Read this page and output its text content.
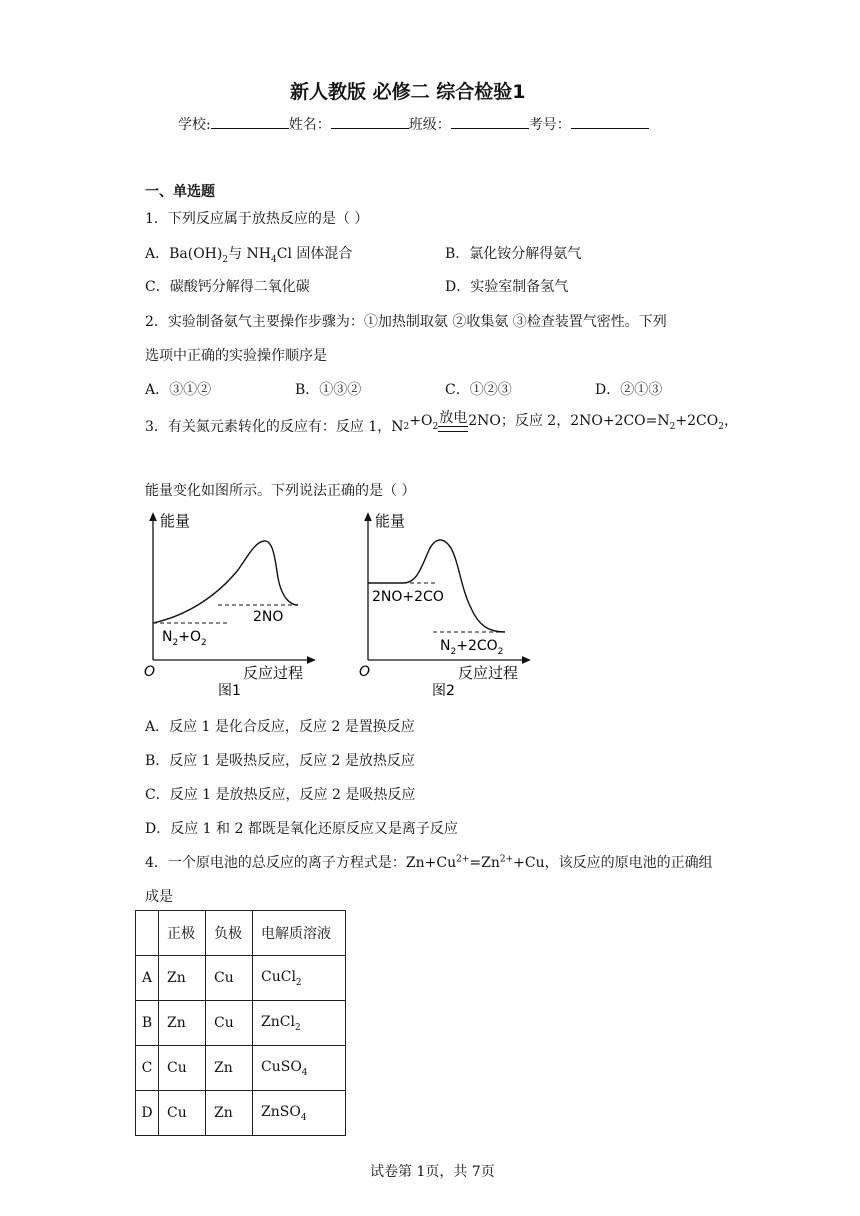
新人教版 必修二 综合检验1
学校:	姓名：	班级：	考号：
一、单选题
1．下列反应属于放热反应的是（ ）
A．$Ba(OH)_2$与 $NH_4Cl$ 固体混合	B．氯化铵分解得氨气
C．碳酸钙分解得二氧化碳	D．实验室制备氢气
2．实验制备氨气主要操作步骤为：①加热制取氨 ②收集氨 ③检查装置气密性。下列
选项中正确的实验操作顺序是
A．③①②	B．①③②	C．①②③	D．②①③
3．有关氮元素转化的反应有：反应 1，$N_2+O_2$
放电 2NO；反应 2，$2NO+2CO=N_2+2CO_2$，
能量变化如图所示。下列说法正确的是（ ）
能量
O	反应过程
2NO
$N_2+O_2$
图1
能量
O	反应过程
2NO+2CO
$N_2+2CO_2$
图2
A．反应 1 是化合反应，反应 2 是置换反应
B．反应 1 是吸热反应，反应 2 是放热反应
C．反应 1 是放热反应，反应 2 是吸热反应
D．反应 1 和 2 都既是氧化还原反应又是离子反应
4．一个原电池的总反应的离子方程式是：$Zn+Cu^{2+}=Zn^{2+}+Cu$，该反应的原电池的正确组
成是
	正极	负极	电解质溶液
A	Zn	Cu	CuCl$_2$
B	Zn	Cu	ZnCl$_2$
C	Cu	Zn	CuSO$_4$
D	Cu	Zn	ZnSO$_4$
试卷第 1页，共 7页
